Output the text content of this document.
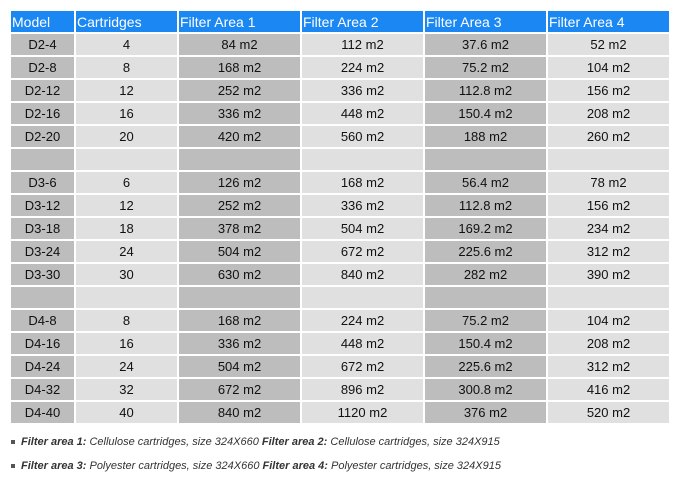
Model	Cartridges	Filter Area 1	Filter Area 2	Filter Area 3	Filter Area 4
D2-4	4	84 m2	112 m2	37.6 m2	52 m2
D2-8	8	168 m2	224 m2	75.2 m2	104 m2
D2-12	12	252 m2	336 m2	112.8 m2	156 m2
D2-16	16	336 m2	448 m2	150.4 m2	208 m2
D2-20	20	420 m2	560 m2	188 m2	260 m2

D3-6	6	126 m2	168 m2	56.4 m2	78 m2
D3-12	12	252 m2	336 m2	112.8 m2	156 m2
D3-18	18	378 m2	504 m2	169.2 m2	234 m2
D3-24	24	504 m2	672 m2	225.6 m2	312 m2
D3-30	30	630 m2	840 m2	282 m2	390 m2

D4-8	8	168 m2	224 m2	75.2 m2	104 m2
D4-16	16	336 m2	448 m2	150.4 m2	208 m2
D4-24	24	504 m2	672 m2	225.6 m2	312 m2
D4-32	32	672 m2	896 m2	300.8 m2	416 m2
D4-40	40	840 m2	1120 m2	376 m2	520 m2
Filter area 1: Cellulose cartridges, size 324X660 Filter area 2: Cellulose cartridges, size 324X915
Filter area 3: Polyester cartridges, size 324X660 Filter area 4: Polyester cartridges, size 324X915
